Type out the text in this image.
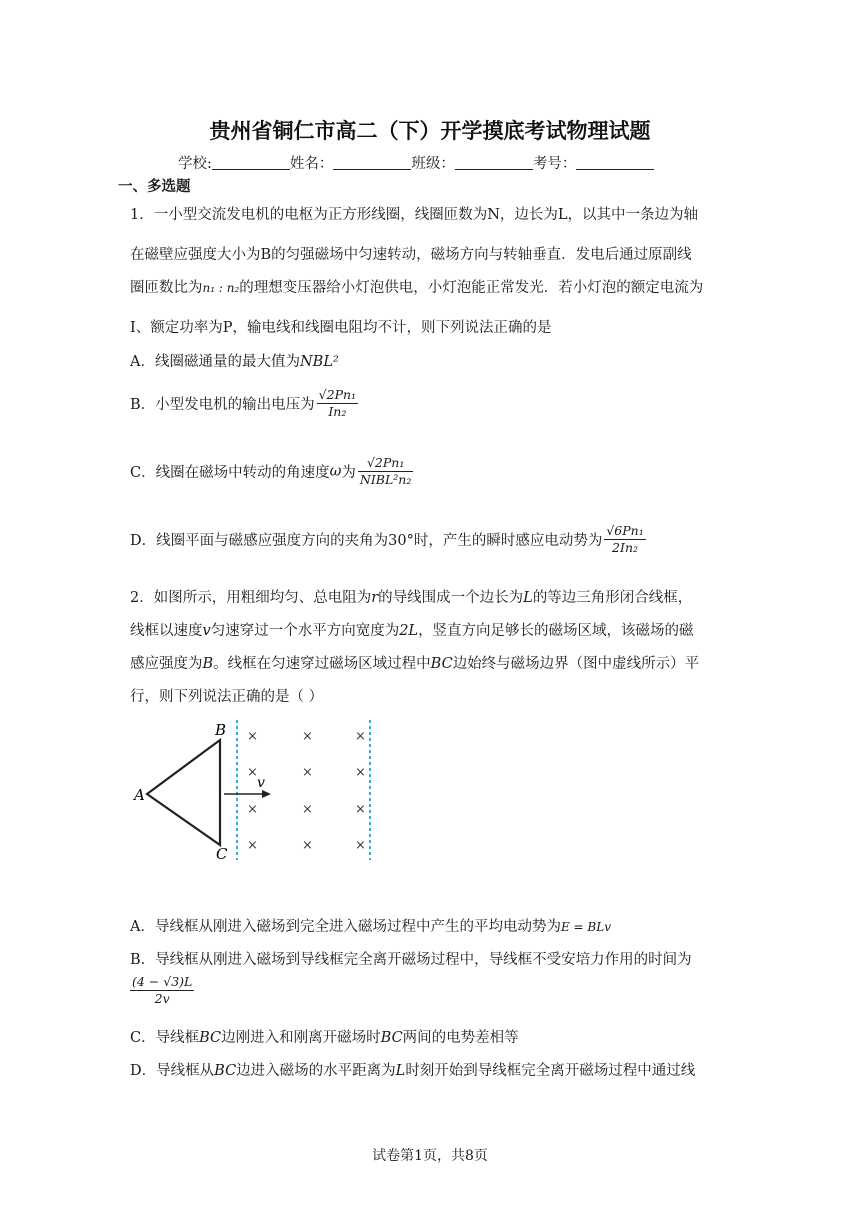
贵州省铜仁市高二（下）开学摸底考试物理试题
学校:	姓名：	班级：	考号：
一、多选题
1．一小型交流发电机的电枢为正方形线圈，线圈匝数为N，边长为L，以其中一条边为轴
在磁壁应强度大小为B的匀强磁场中匀速转动，磁场方向与转轴垂直．发电后通过原副线
圈匝数比为n₁ : n₂的理想变压器给小灯泡供电，小灯泡能正常发光．若小灯泡的额定电流为
I、额定功率为P，输电线和线圈电阻均不计，则下列说法正确的是
A．线圈磁通量的最大值为NBL²
B．小型发电机的输出电压为 $\frac{\text{√2Pn₁}}{\text{In₂}}$
C．线圈在磁场中转动的角速度ω为 $\frac{\text{√2Pn₁}}{\text{NIBL²n₂}}$
D．线圈平面与磁感应强度方向的夹角为30°时，产生的瞬时感应电动势为 $\frac{\text{√6Pn₁}}{\text{2In₂}}$
2．如图所示，用粗细均匀、总电阻为r的导线围成一个边长为L的等边三角形闭合线框，
线框以速度v匀速穿过一个水平方向宽度为2L，竖直方向足够长的磁场区域，该磁场的磁
感应强度为B。线框在匀速穿过磁场区域过程中BC边始终与磁场边界（图中虚线所示）平
行，则下列说法正确的是（ ）
A
B
C
v
×	×	×
×	×	×
×	×	×
×	×	×
A．导线框从刚进入磁场到完全进入磁场过程中产生的平均电动势为E = BLv
B．导线框从刚进入磁场到导线框完全离开磁场过程中，导线框不受安培力作用的时间为
$\frac{(4 - √3)L}{2v}$
C．导线框BC边刚进入和刚离开磁场时BC两间的电势差相等
D．导线框从BC边进入磁场的水平距离为L时刻开始到导线框完全离开磁场过程中通过线
试卷第1页，共8页
